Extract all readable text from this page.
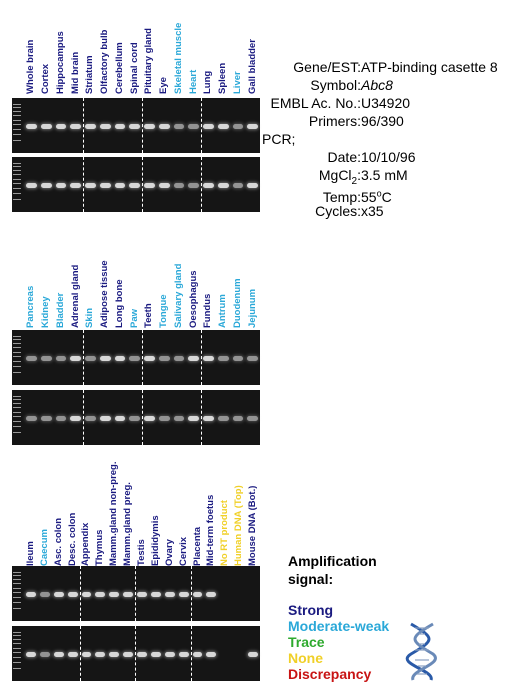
Whole brain Cortex Hippocampus Mid brain Striatum Olfactory bulb Cerebellum Spinal cord Pituitary gland Eye Skeletal muscle Heart Lung Spleen Liver Gall bladder
Pancreas Kidney Bladder Adrenal gland Skin Adipose tissue Long bone Paw Teeth Tongue Salivary gland Oesophagus Fundus Antrum Duodenum Jejunum
Ileum Caecum Asc. colon Desc. colon Appendix Thymus Mamm.gland non-preg. Mamm.gland preg. Testis Epididymis Ovary Cervix Placenta Mid-term foetus No RT product Human DNA (Top) Mouse DNA (Bot.)
Gene/EST:ATP-binding casette 8
Symbol:Abc8
EMBL Ac. No.:U34920
Primers:96/390
PCR;
Date:10/10/96
MgCl$_2$:3.5 mM
Temp:55$^o$C
Cycles:x35
Amplification
signal:
Strong
Moderate-weak
Trace
None
Discrepancy
